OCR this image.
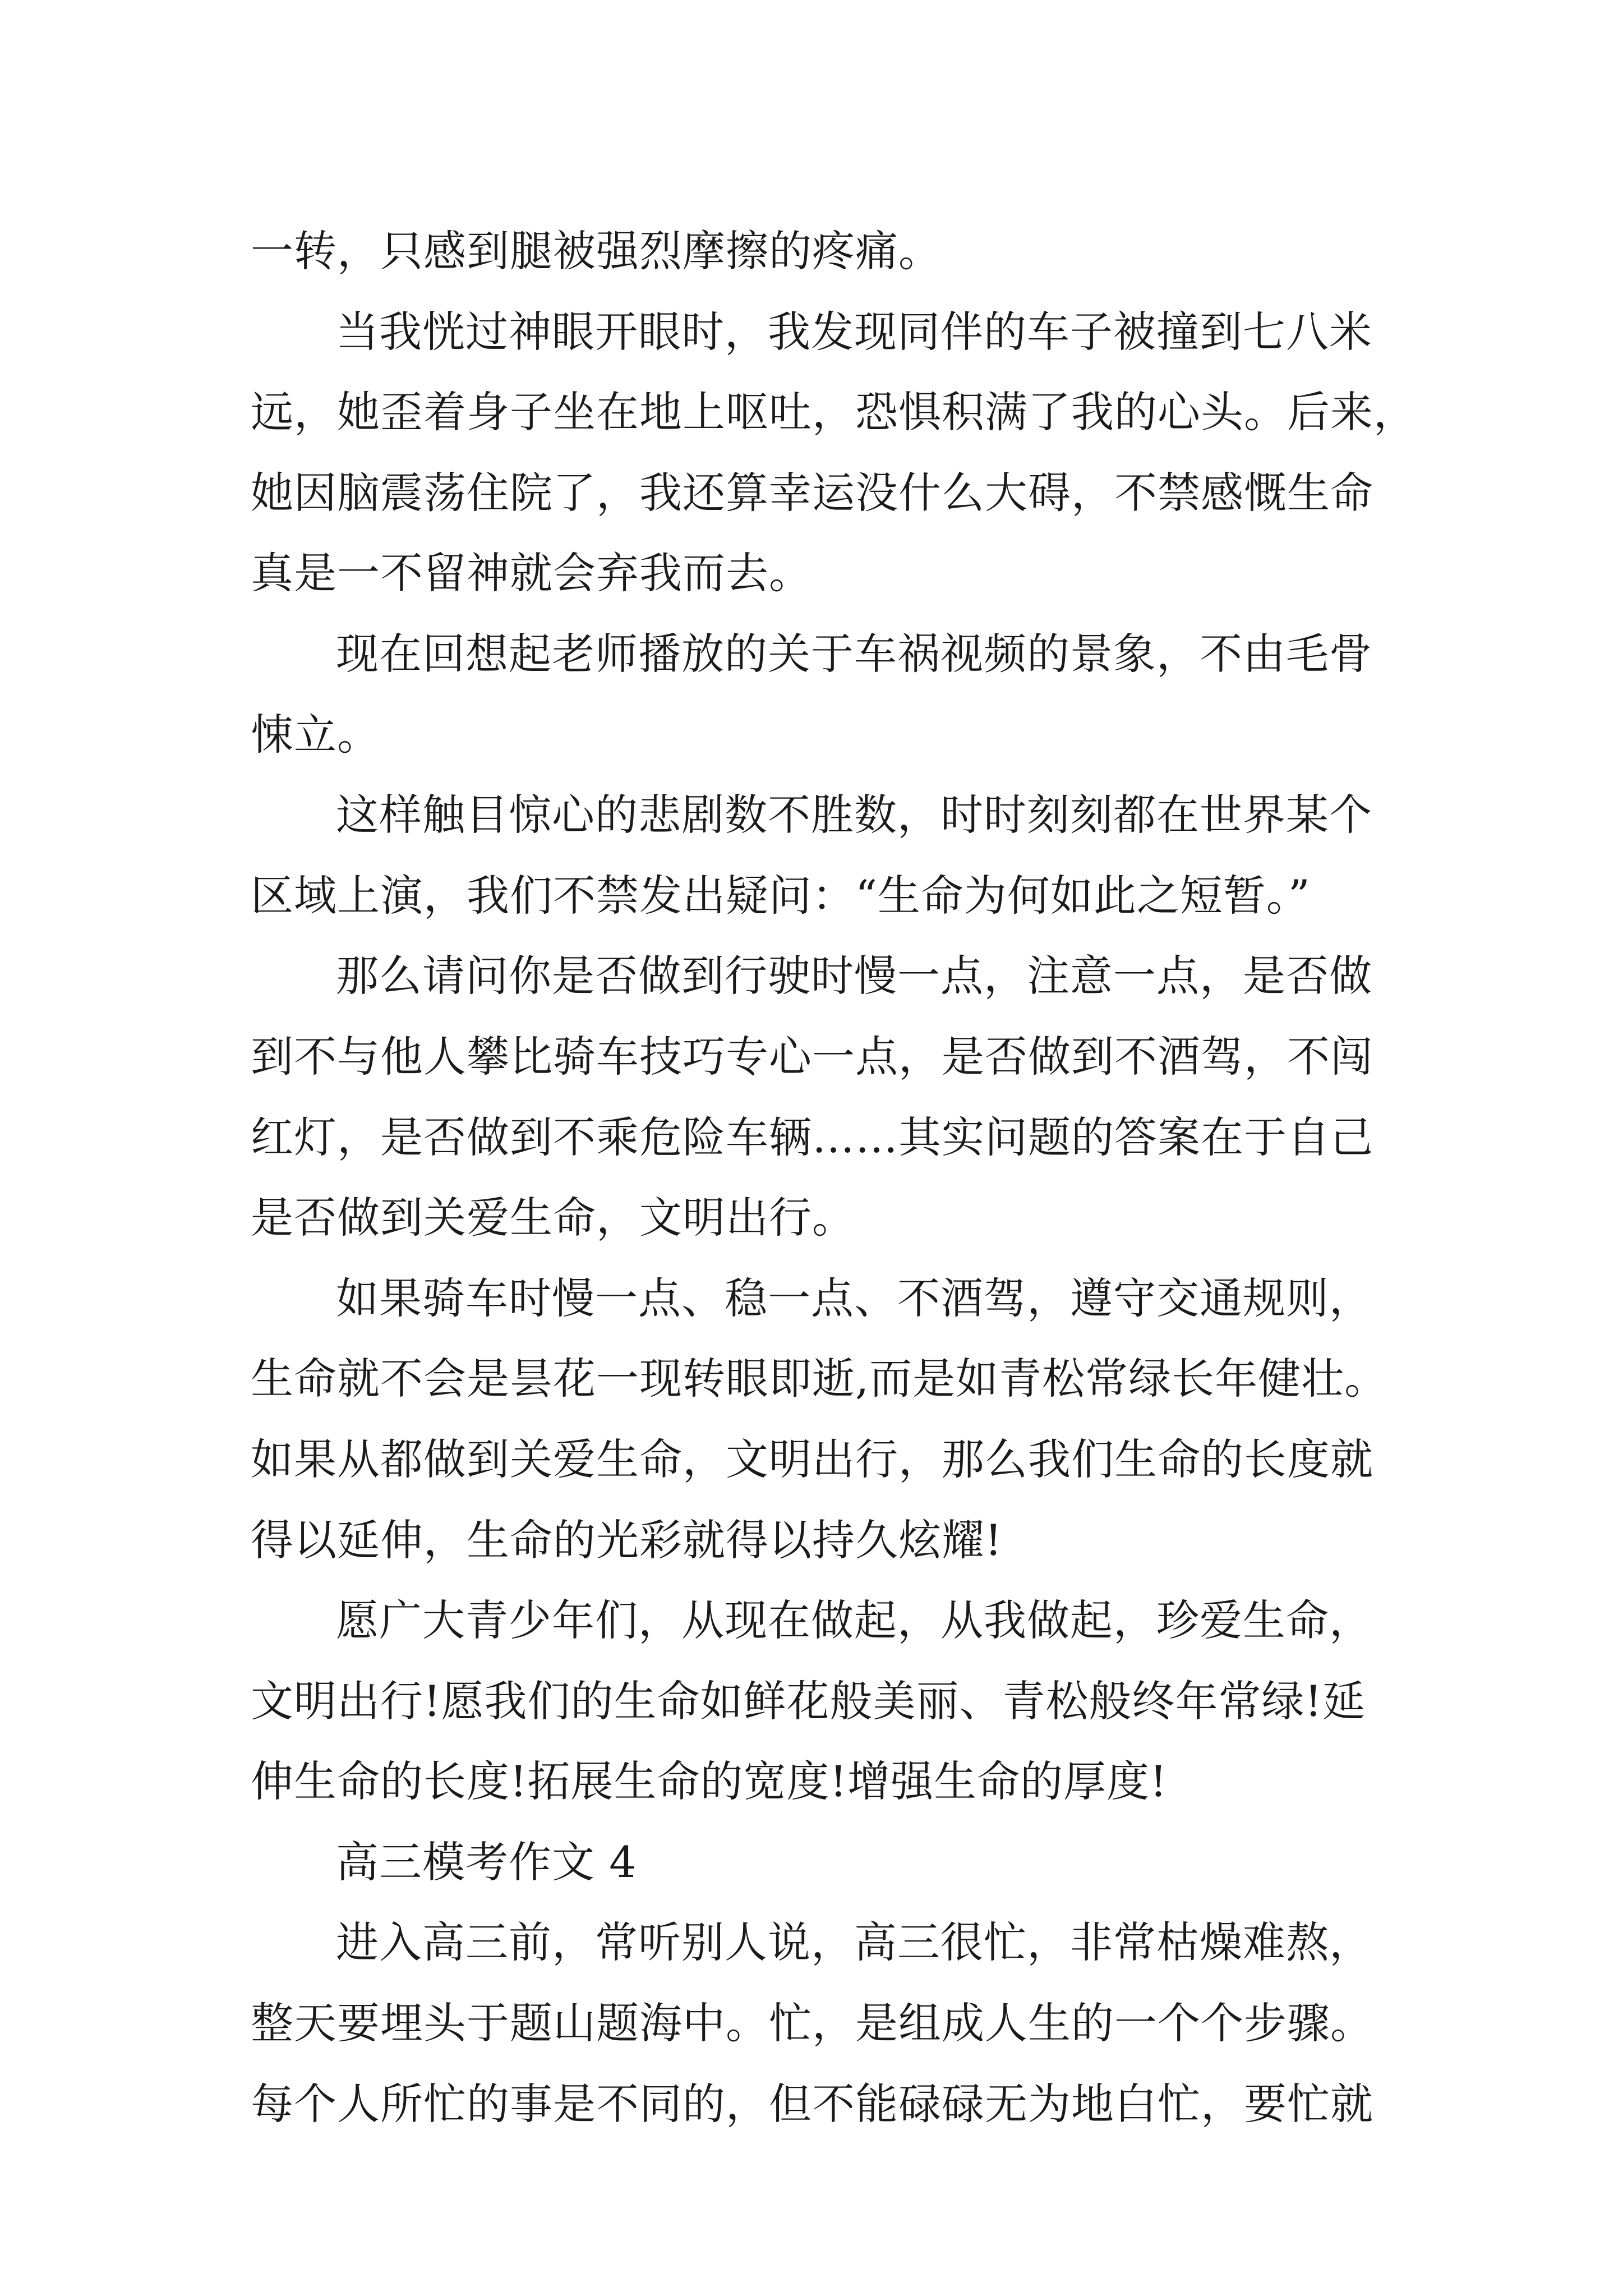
一转，只感到腿被强烈摩擦的疼痛。
当我恍过神眼开眼时，我发现同伴的车子被撞到七八米
远，她歪着身子坐在地上呕吐，恐惧积满了我的心头。后来，
她因脑震荡住院了，我还算幸运没什么大碍，不禁感慨生命
真是一不留神就会弃我而去。
现在回想起老师播放的关于车祸视频的景象，不由毛骨
悚立。
这样触目惊心的悲剧数不胜数，时时刻刻都在世界某个
区域上演，我们不禁发出疑问：“生命为何如此之短暂。”
那么请问你是否做到行驶时慢一点，注意一点，是否做
到不与他人攀比骑车技巧专心一点，是否做到不酒驾，不闯
红灯，是否做到不乘危险车辆……其实问题的答案在于自己
是否做到关爱生命，文明出行。
如果骑车时慢一点、稳一点、不酒驾，遵守交通规则，
生命就不会是昙花一现转眼即逝,而是如青松常绿长年健壮。
如果从都做到关爱生命，文明出行，那么我们生命的长度就
得以延伸，生命的光彩就得以持久炫耀!
愿广大青少年们，从现在做起，从我做起，珍爱生命，
文明出行!愿我们的生命如鲜花般美丽、青松般终年常绿!延
伸生命的长度!拓展生命的宽度!增强生命的厚度!
高三模考作文 4
进入高三前，常听别人说，高三很忙，非常枯燥难熬，
整天要埋头于题山题海中。忙，是组成人生的一个个步骤。
每个人所忙的事是不同的，但不能碌碌无为地白忙，要忙就
